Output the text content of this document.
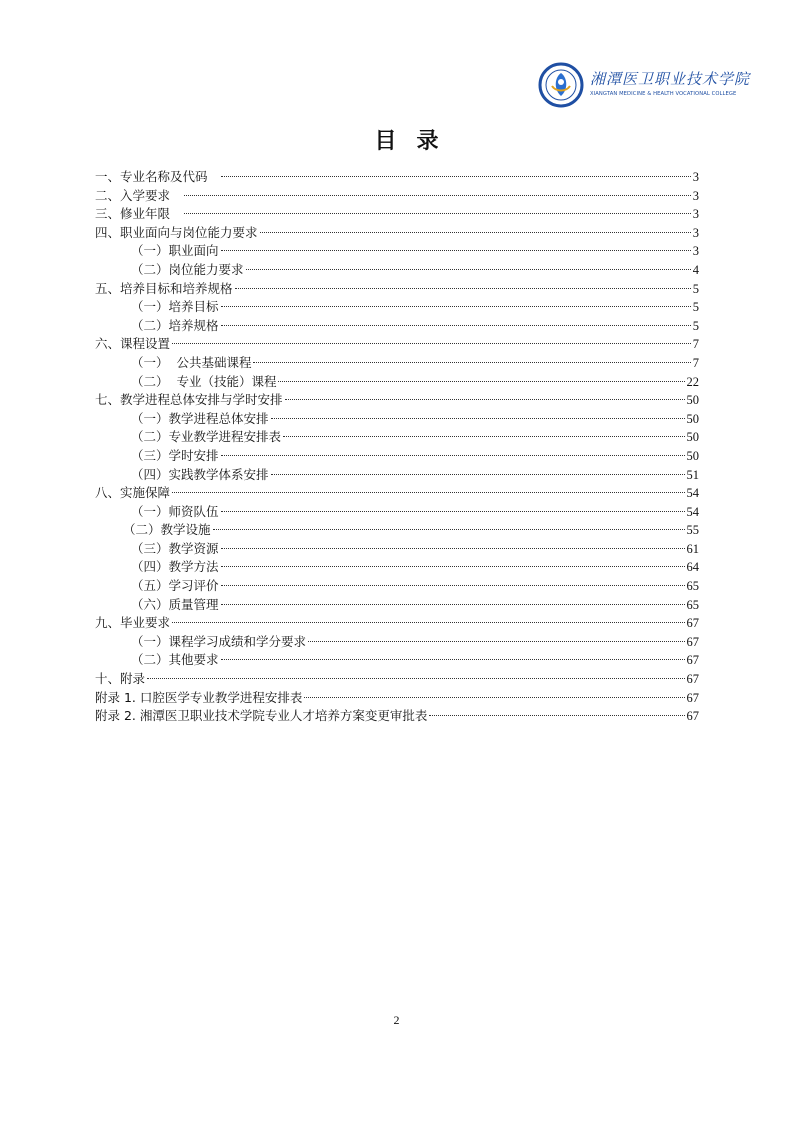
湘潭医卫职业技术学院
XIANGTAN MEDICINE & HEALTH VOCATIONAL COLLEGE
目录
一、专业名称及代码	3
二、入学要求	3
三、修业年限	3
四、职业面向与岗位能力要求	3
（一）职业面向	3
（二）岗位能力要求	4
五、培养目标和培养规格	5
（一）培养目标	5
（二）培养规格	5
六、课程设置	7
（一）  公共基础课程	7
（二）  专业（技能）课程	22
七、教学进程总体安排与学时安排	50
（一）教学进程总体安排	50
（二）专业教学进程安排表	50
（三）学时安排	50
（四）实践教学体系安排	51
八、实施保障	54
（一）师资队伍	54
（二）教学设施	55
（三）教学资源	61
（四）教学方法	64
（五）学习评价	65
（六）质量管理	65
九、毕业要求	67
（一）课程学习成绩和学分要求	67
（二）其他要求	67
十、附录	67
附录 1. 口腔医学专业教学进程安排表	67
附录 2. 湘潭医卫职业技术学院专业人才培养方案变更审批表	67
2
